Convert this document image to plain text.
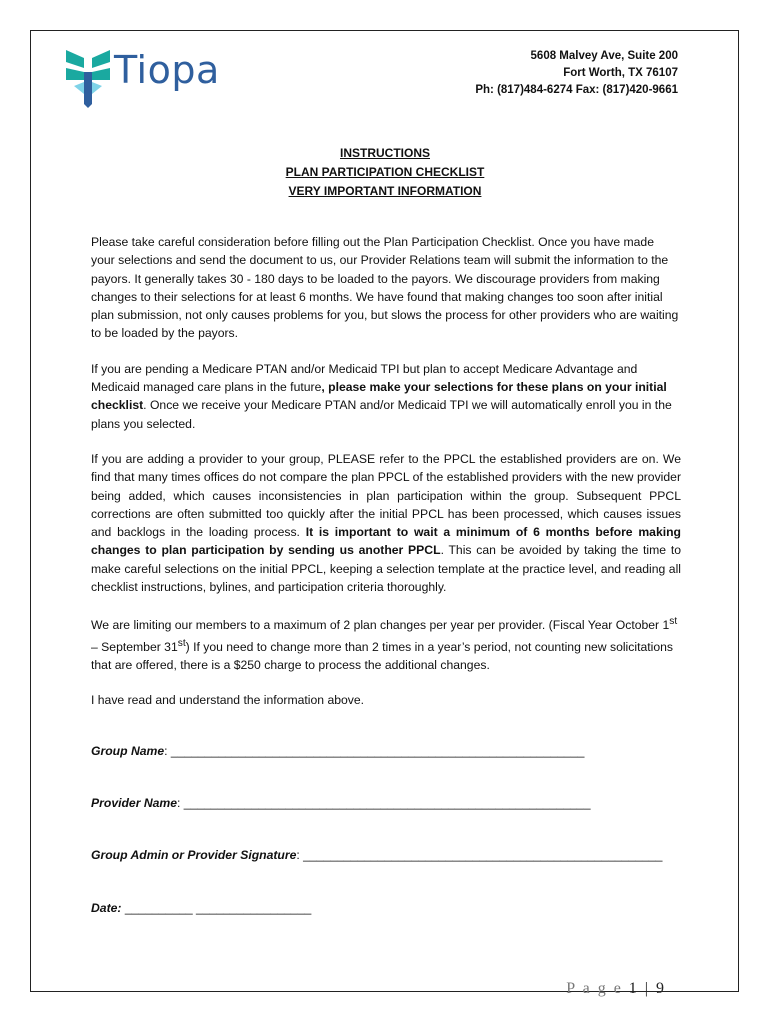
Tiopa	5608 Malvey Ave, Suite 200
Fort Worth, TX 76107
Ph: (817)484-6274 Fax: (817)420-9661
INSTRUCTIONS
PLAN PARTICIPATION CHECKLIST
VERY IMPORTANT INFORMATION

Please take careful consideration before filling out the Plan Participation Checklist. Once you have made your selections and send the document to us, our Provider Relations team will submit the information to the payors. It generally takes 30 - 180 days to be loaded to the payors. We discourage providers from making changes to their selections for at least 6 months. We have found that making changes too soon after initial plan submission, not only causes problems for you, but slows the process for other providers who are waiting to be loaded by the payors.

If you are pending a Medicare PTAN and/or Medicaid TPI but plan to accept Medicare Advantage and Medicaid managed care plans in the future, please make your selections for these plans on your initial checklist. Once we receive your Medicare PTAN and/or Medicaid TPI we will automatically enroll you in the plans you selected.

If you are adding a provider to your group, PLEASE refer to the PPCL the established providers are on. We find that many times offices do not compare the plan PPCL of the established providers with the new provider being added, which causes inconsistencies in plan participation within the group. Subsequent PPCL corrections are often submitted too quickly after the initial PPCL has been processed, which causes issues and backlogs in the loading process. It is important to wait a minimum of 6 months before making changes to plan participation by sending us another PPCL. This can be avoided by taking the time to make careful selections on the initial PPCL, keeping a selection template at the practice level, and reading all checklist instructions, bylines, and participation criteria thoroughly.

We are limiting our members to a maximum of 2 plan changes per year per provider. (Fiscal Year October 1st – September 31st) If you need to change more than 2 times in a year’s period, not counting new solicitations that are offered, there is a $250 charge to process the additional changes.

I have read and understand the information above.

Group Name: _____________________________________________________________
Provider Name: ____________________________________________________________
Group Admin or Provider Signature: _____________________________________________________
Date: __________ _________________
P a g e 1 | 9
